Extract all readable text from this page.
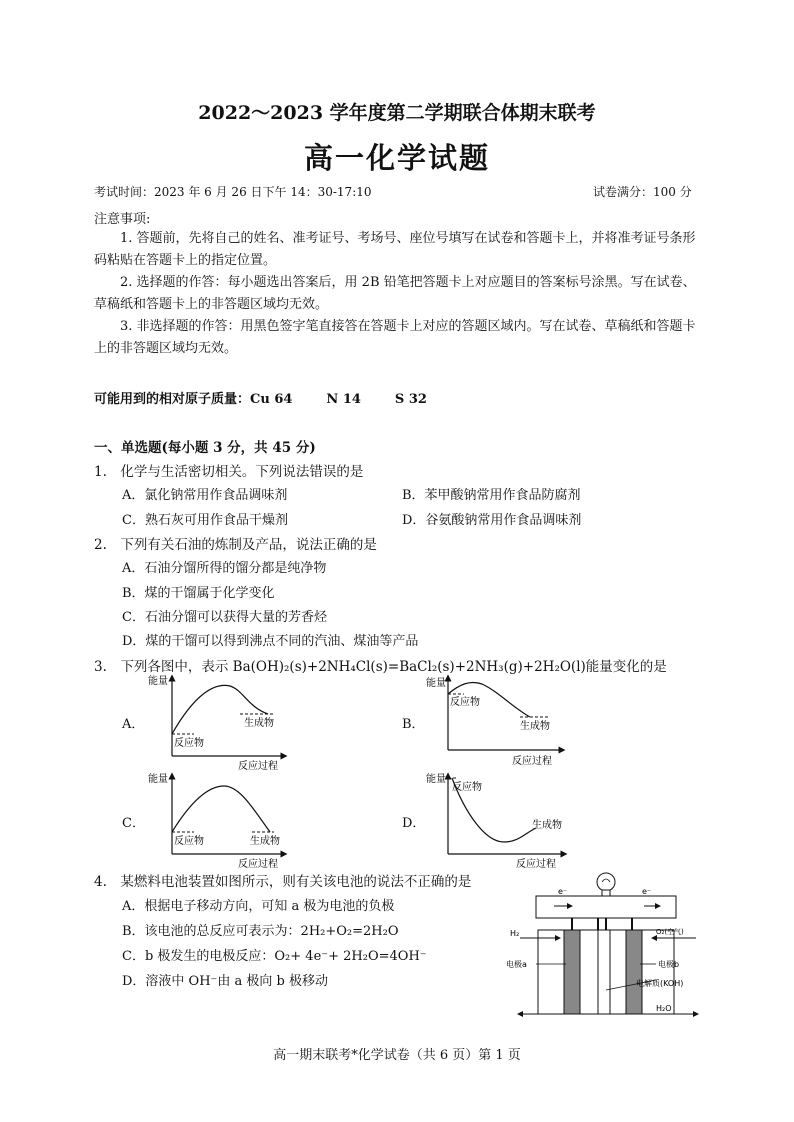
2022～2023 学年度第二学期联合体期末联考
高一化学试题
考试时间：2023 年 6 月 26 日下午 14：30-17:10	试卷满分：100 分
注意事项:
1. 答题前，先将自己的姓名、准考证号、考场号、座位号填写在试卷和答题卡上，并将准考证号条形码粘贴在答题卡上的指定位置。
2. 选择题的作答：每小题选出答案后，用 2B 铅笔把答题卡上对应题目的答案标号涂黑。写在试卷、草稿纸和答题卡上的非答题区域均无效。
3. 非选择题的作答：用黑色签字笔直接答在答题卡上对应的答题区域内。写在试卷、草稿纸和答题卡上的非答题区域均无效。
可能用到的相对原子质量：Cu 64	N 14	S 32
一、单选题(每小题 3 分，共 45 分)
1.　化学与生活密切相关。下列说法错误的是
A．氯化钠常用作食品调味剂	B．苯甲酸钠常用作食品防腐剂
C．熟石灰可用作食品干燥剂	D．谷氨酸钠常用作食品调味剂
2.　下列有关石油的炼制及产品，说法正确的是
A．石油分馏所得的馏分都是纯净物
B．煤的干馏属于化学变化
C．石油分馏可以获得大量的芳香烃
D．煤的干馏可以得到沸点不同的汽油、煤油等产品
3.　下列各图中，表示 Ba(OH)₂(s)+2NH₄Cl(s)=BaCl₂(s)+2NH₃(g)+2H₂O(l)能量变化的是
A．	B．
C．	D．
能量
反应物
生成物
反应过程
能量
反应物
生成物
反应过程
能量
反应物	生成物
反应过程
能量
反应物
生成物
反应过程
4.　某燃料电池装置如图所示，则有关该电池的说法不正确的是
A．根据电子移动方向，可知 a 极为电池的负极
B．该电池的总反应可表示为：2H₂+O₂=2H₂O
C．b 极发生的电极反应：O₂+ 4e⁻+ 2H₂O=4OH⁻
D．溶液中 OH⁻由 a 极向 b 极移动
e⁻	e⁻
H₂	O₂(空气)
H₂O
电极a	电极b
电解质(KOH)
高一期末联考*化学试卷（共 6 页）第 1 页
